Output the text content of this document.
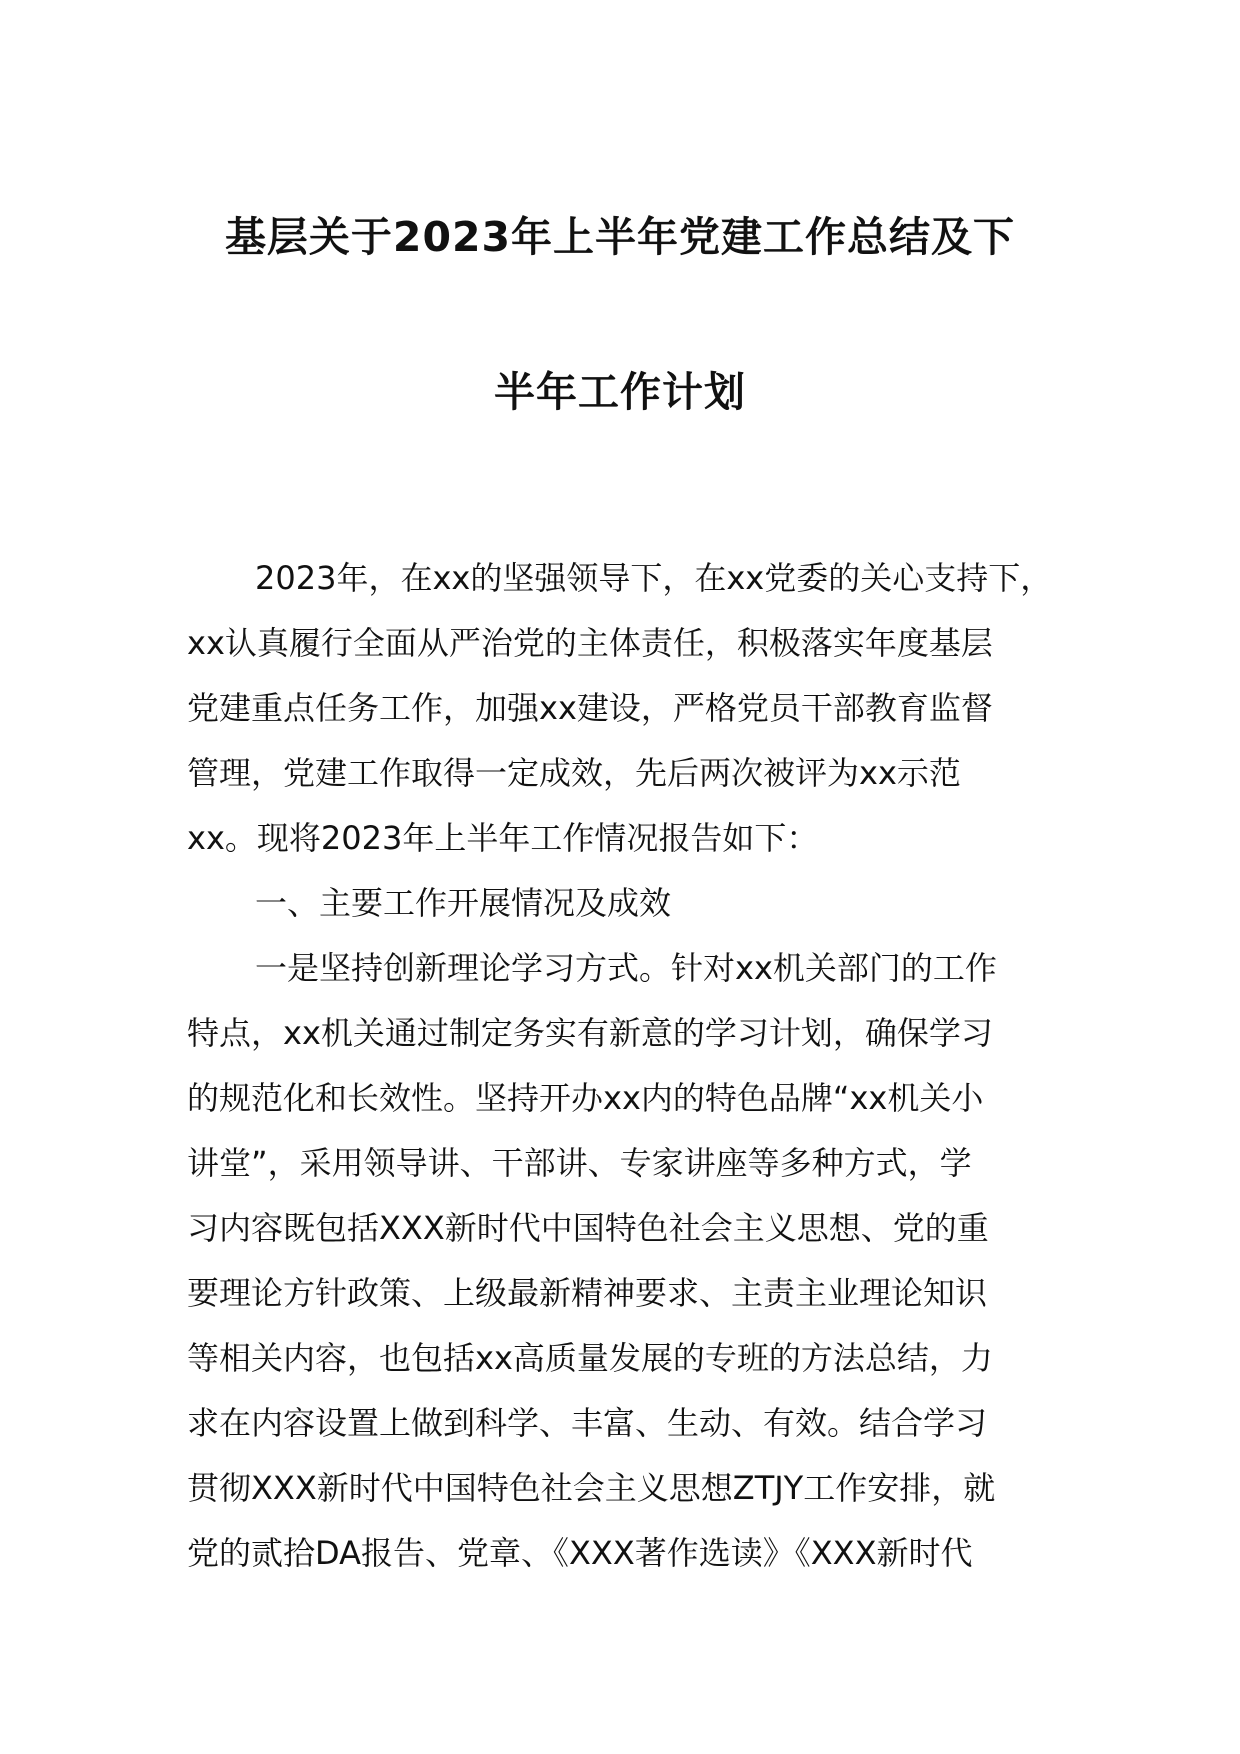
基层关于2023年上半年党建工作总结及下
半年工作计划
2023年，在xx的坚强领导下，在xx党委的关心支持下，
xx认真履行全面从严治党的主体责任，积极落实年度基层
党建重点任务工作，加强xx建设，严格党员干部教育监督
管理，党建工作取得一定成效，先后两次被评为xx示范
xx。现将2023年上半年工作情况报告如下：
一、主要工作开展情况及成效
一是坚持创新理论学习方式。针对xx机关部门的工作
特点，xx机关通过制定务实有新意的学习计划，确保学习
的规范化和长效性。坚持开办xx内的特色品牌“xx机关小
讲堂”，采用领导讲、干部讲、专家讲座等多种方式，学
习内容既包括XXX新时代中国特色社会主义思想、党的重
要理论方针政策、上级最新精神要求、主责主业理论知识
等相关内容，也包括xx高质量发展的专班的方法总结，力
求在内容设置上做到科学、丰富、生动、有效。结合学习
贯彻XXX新时代中国特色社会主义思想ZTJY工作安排，就
党的贰拾DA报告、党章、《XXX著作选读》《XXX新时代
